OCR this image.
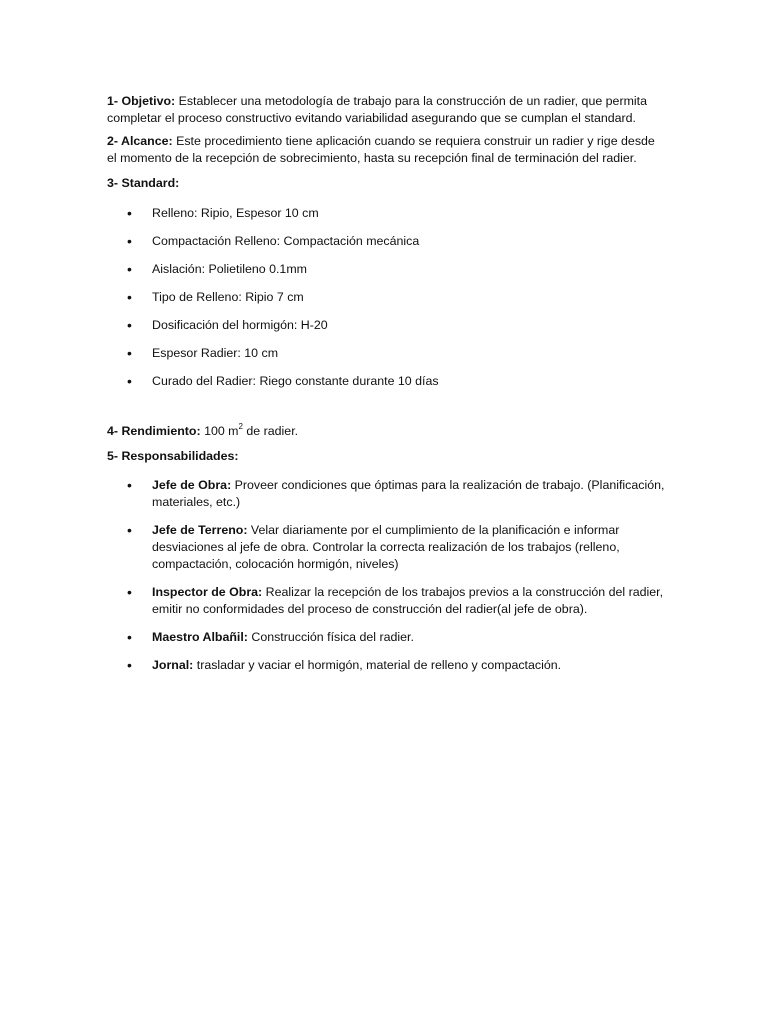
1- Objetivo: Establecer una metodología de trabajo para la construcción de un radier, que permita completar el proceso constructivo evitando variabilidad asegurando que se cumplan el standard.

2- Alcance: Este procedimiento tiene aplicación cuando se requiera construir un radier y rige desde el momento de la recepción de sobrecimiento, hasta su recepción final de terminación del radier.

3- Standard:

• Relleno: Ripio, Espesor 10 cm
• Compactación Relleno: Compactación mecánica
• Aislación: Polietileno 0.1mm
• Tipo de Relleno: Ripio 7 cm
• Dosificación del hormigón: H-20
• Espesor Radier: 10 cm
• Curado del Radier: Riego constante durante 10 días

4- Rendimiento: 100 $m^2$ de radier.

5- Responsabilidades:

• Jefe de Obra: Proveer condiciones que óptimas para la realización de trabajo. (Planificación, materiales, etc.)
• Jefe de Terreno: Velar diariamente por el cumplimiento de la planificación e informar desviaciones al jefe de obra. Controlar la correcta realización de los trabajos (relleno, compactación, colocación hormigón, niveles)
• Inspector de Obra: Realizar la recepción de los trabajos previos a la construcción del radier, emitir no conformidades del proceso de construcción del radier(al jefe de obra).
• Maestro Albañil: Construcción física del radier.
• Jornal: trasladar y vaciar el hormigón, material de relleno y compactación.
